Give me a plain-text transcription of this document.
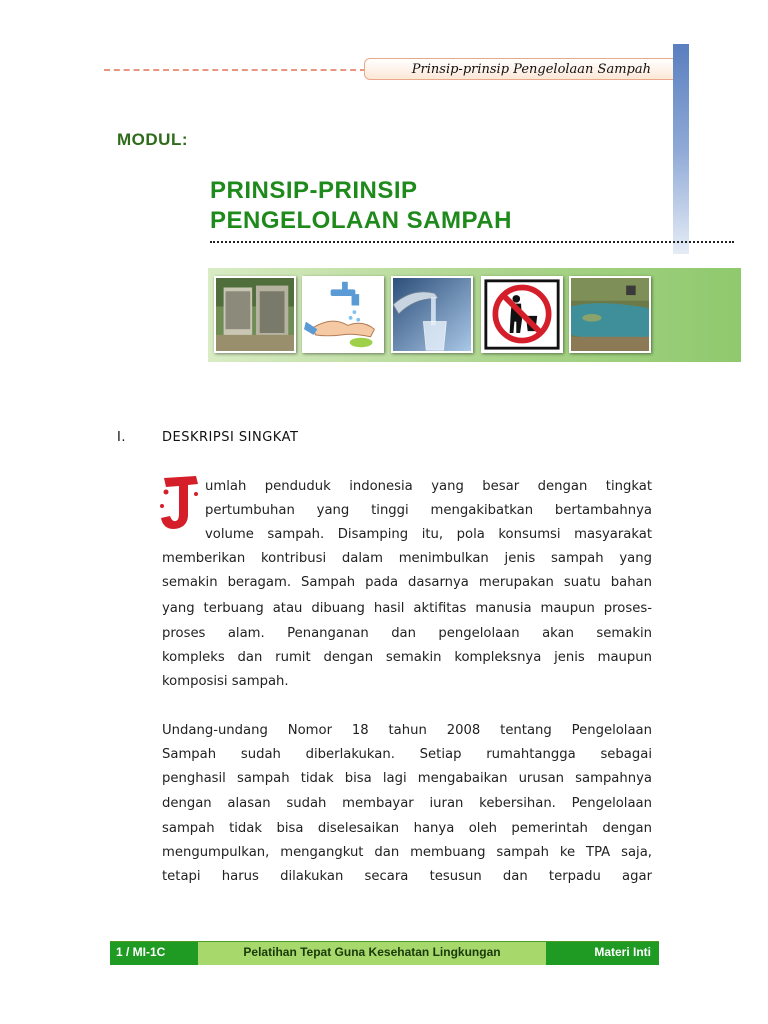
Prinsip-prinsip Pengelolaan Sampah
MODUL:
PRINSIP-PRINSIP
PENGELOLAAN SAMPAH
I.	DESKRIPSI SINGKAT
umlah penduduk indonesia yang besar dengan tingkat
pertumbuhan yang tinggi mengakibatkan bertambahnya
volume sampah. Disamping itu, pola konsumsi masyarakat
memberikan kontribusi dalam menimbulkan jenis sampah yang
semakin beragam. Sampah pada dasarnya merupakan suatu bahan
yang terbuang atau dibuang hasil aktifitas manusia maupun proses-
proses alam. Penanganan dan pengelolaan akan semakin
kompleks dan rumit dengan semakin kompleksnya jenis maupun
komposisi sampah.
Undang-undang Nomor 18 tahun 2008 tentang Pengelolaan
Sampah sudah diberlakukan. Setiap rumahtangga sebagai
penghasil sampah tidak bisa lagi mengabaikan urusan sampahnya
dengan alasan sudah membayar iuran kebersihan. Pengelolaan
sampah tidak bisa diselesaikan hanya oleh pemerintah dengan
mengumpulkan, mengangkut dan membuang sampah ke TPA saja,
tetapi harus dilakukan secara tesusun dan terpadu agar
1 / MI-1C	Pelatihan Tepat Guna Kesehatan Lingkungan	Materi Inti
